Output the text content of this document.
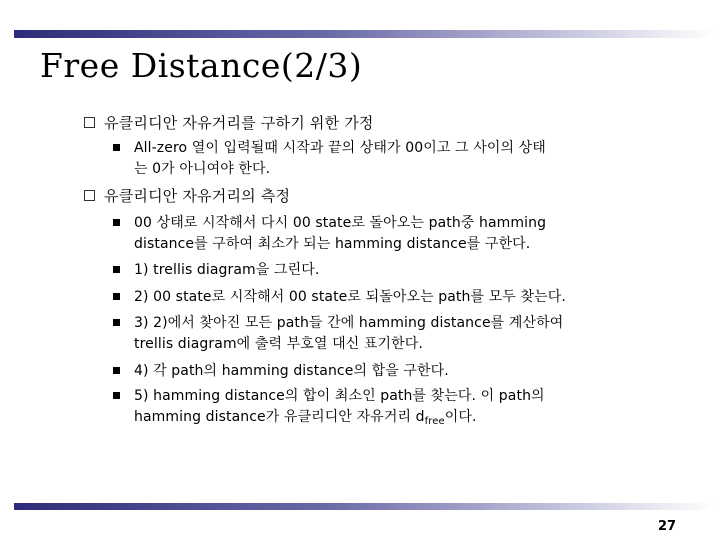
Free Distance(2/3)
유클리디안 자유거리를 구하기 위한 가정
All-zero 열이 입력될때 시작과 끝의 상태가 00이고 그 사이의 상태
는 0가 아니여야 한다.
유클리디안 자유거리의 측정
00 상태로 시작해서 다시 00 state로 돌아오는 path중 hamming
distance를 구하여 최소가 되는 hamming distance를 구한다.
1) trellis diagram을 그린다.
2) 00 state로 시작해서 00 state로 되돌아오는 path를 모두 찾는다.
3) 2)에서 찾아진 모든 path들 간에 hamming distance를 계산하여
trellis diagram에 출력 부호열 대신 표기한다.
4) 각 path의 hamming distance의 합을 구한다.
5) hamming distance의 합이 최소인 path를 찾는다. 이 path의
hamming distance가 유클리디안 자유거리 $d_{free}$이다.
27
